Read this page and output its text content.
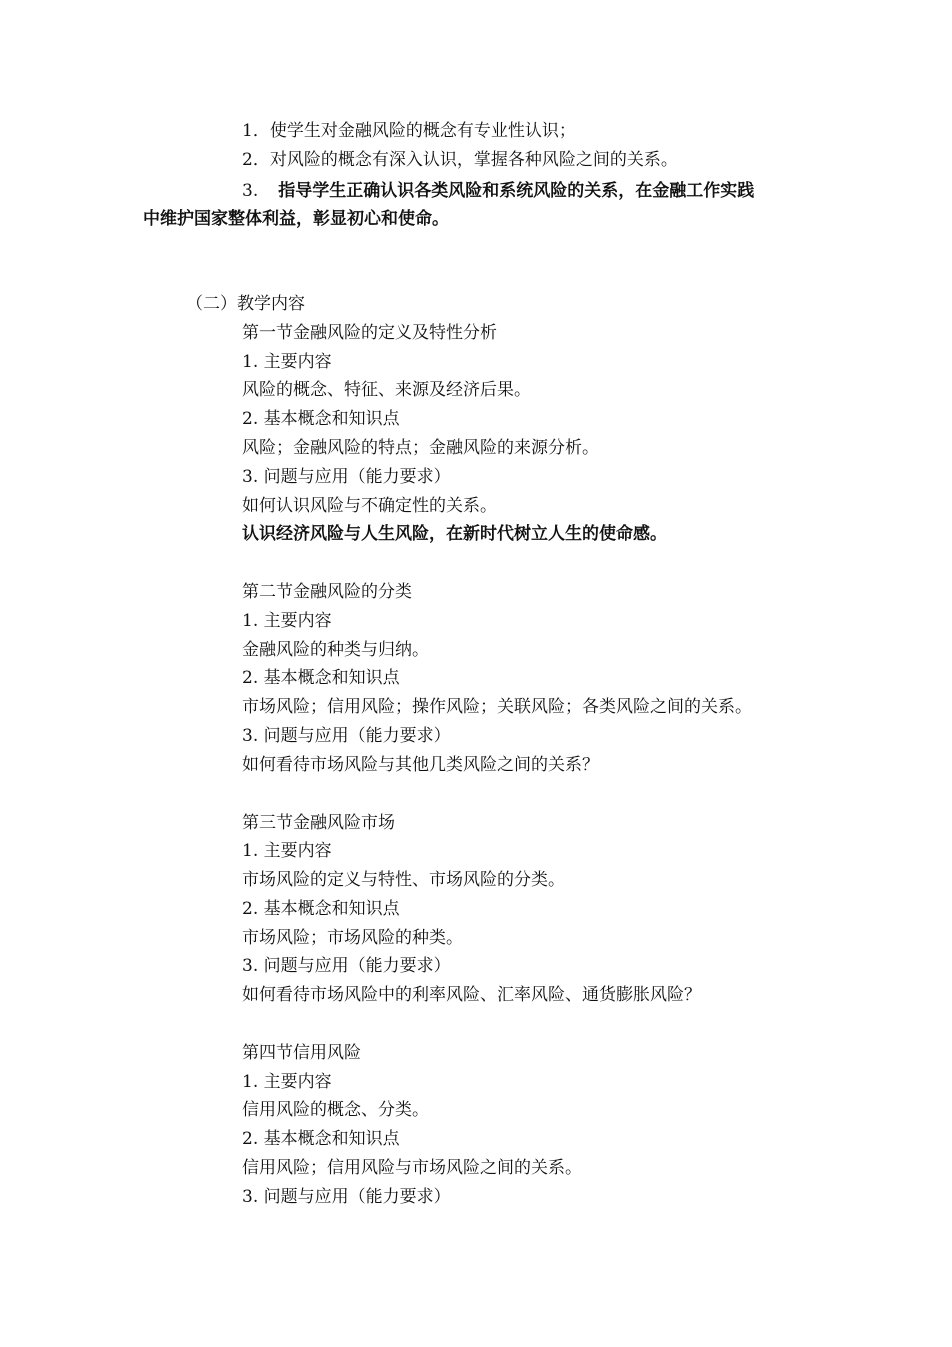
1．使学生对金融风险的概念有专业性认识；
2．对风险的概念有深入认识，掌握各种风险之间的关系。
3. 指导学生正确认识各类风险和系统风险的关系，在金融工作实践
中维护国家整体利益，彰显初心和使命。
（二）教学内容
第一节金融风险的定义及特性分析
1. 主要内容
风险的概念、特征、来源及经济后果。
2. 基本概念和知识点
风险；金融风险的特点；金融风险的来源分析。
3. 问题与应用（能力要求）
如何认识风险与不确定性的关系。
认识经济风险与人生风险，在新时代树立人生的使命感。
第二节金融风险的分类
1. 主要内容
金融风险的种类与归纳。
2. 基本概念和知识点
市场风险；信用风险；操作风险；关联风险；各类风险之间的关系。
3. 问题与应用（能力要求）
如何看待市场风险与其他几类风险之间的关系？
第三节金融风险市场
1. 主要内容
市场风险的定义与特性、市场风险的分类。
2. 基本概念和知识点
市场风险；市场风险的种类。
3. 问题与应用（能力要求）
如何看待市场风险中的利率风险、汇率风险、通货膨胀风险？
第四节信用风险
1. 主要内容
信用风险的概念、分类。
2. 基本概念和知识点
信用风险；信用风险与市场风险之间的关系。
3. 问题与应用（能力要求）
